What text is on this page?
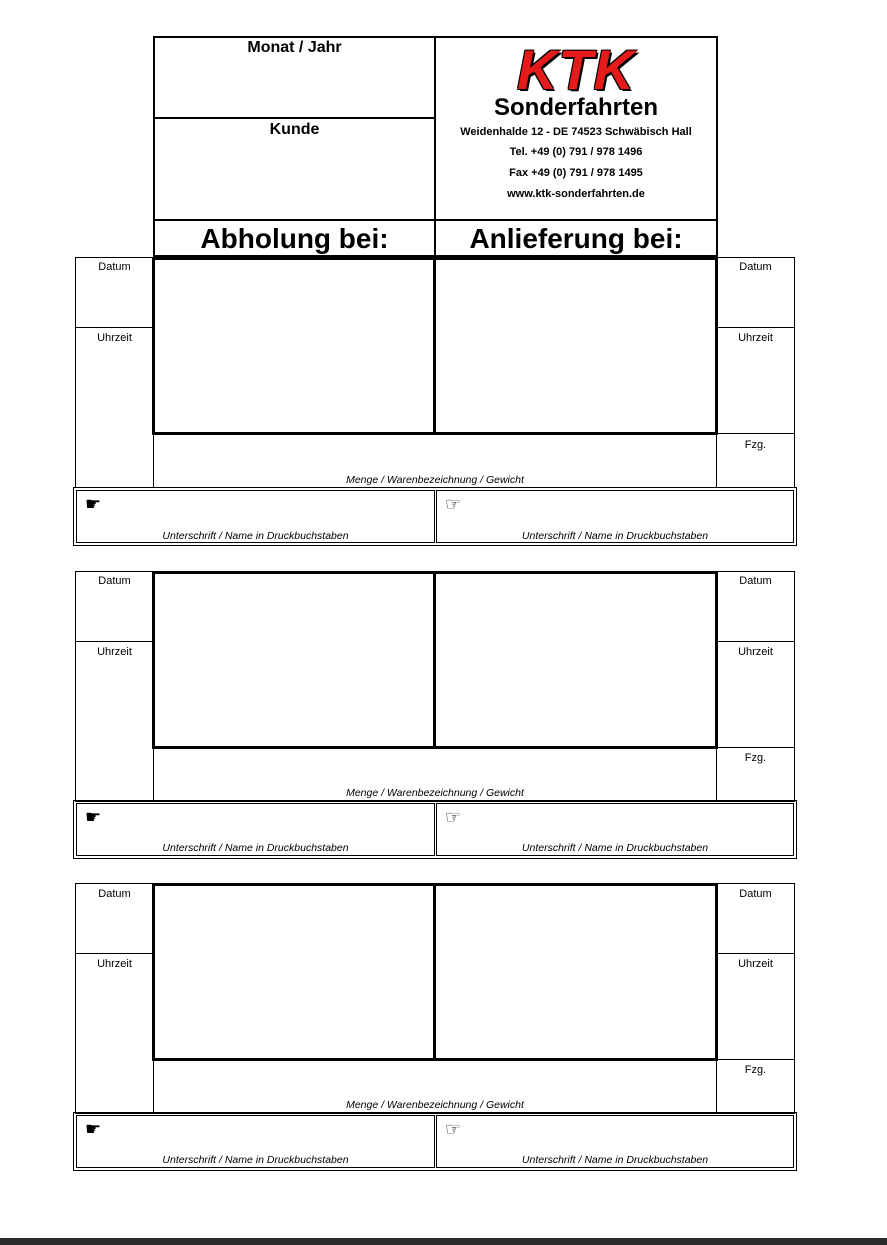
Monat / Jahr
Kunde
KTK
Sonderfahrten
Weidenhalde 12 - DE 74523 Schwäbisch Hall
Tel. +49 (0) 791 / 978 1496
Fax +49 (0) 791 / 978 1495
www.ktk-sonderfahrten.de
Abholung bei:	Anlieferung bei:
Datum
Uhrzeit
Datum
Uhrzeit
Fzg.
Menge / Warenbezeichnung / Gewicht
☛	☞
Unterschrift / Name in Druckbuchstaben	Unterschrift / Name in Druckbuchstaben
Datum
Uhrzeit
Datum
Uhrzeit
Fzg.
Menge / Warenbezeichnung / Gewicht
☛	☞
Unterschrift / Name in Druckbuchstaben	Unterschrift / Name in Druckbuchstaben
Datum
Uhrzeit
Datum
Uhrzeit
Fzg.
Menge / Warenbezeichnung / Gewicht
☛	☞
Unterschrift / Name in Druckbuchstaben	Unterschrift / Name in Druckbuchstaben
